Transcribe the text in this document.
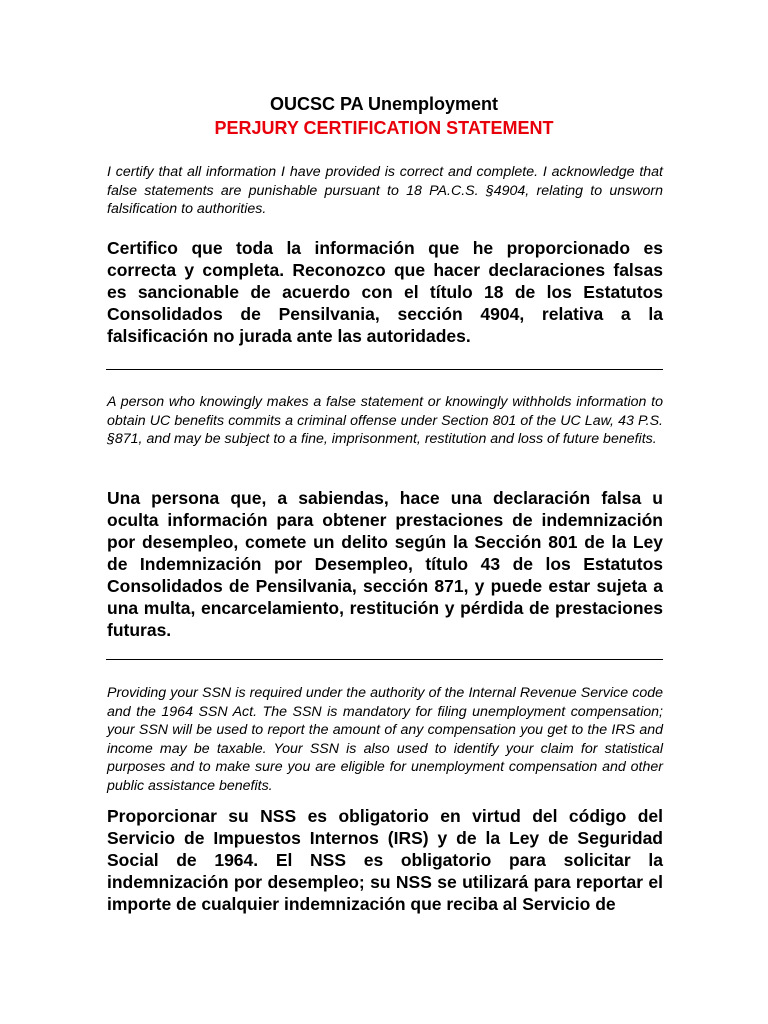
OUCSC PA Unemployment
PERJURY CERTIFICATION STATEMENT
I certify that all information I have provided is correct and complete. I acknowledge that false statements are punishable pursuant to 18 PA.C.S. §4904, relating to unsworn falsification to authorities.
Certifico que toda la información que he proporcionado es correcta y completa. Reconozco que hacer declaraciones falsas es sancionable de acuerdo con el título 18 de los Estatutos Consolidados de Pensilvania, sección 4904, relativa a la falsificación no jurada ante las autoridades.
A person who knowingly makes a false statement or knowingly withholds information to obtain UC benefits commits a criminal offense under Section 801 of the UC Law, 43 P.S. §871, and may be subject to a fine, imprisonment, restitution and loss of future benefits.
Una persona que, a sabiendas, hace una declaración falsa u oculta información para obtener prestaciones de indemnización por desempleo, comete un delito según la Sección 801 de la Ley de Indemnización por Desempleo, título 43 de los Estatutos Consolidados de Pensilvania, sección 871, y puede estar sujeta a una multa, encarcelamiento, restitución y pérdida de prestaciones futuras.
Providing your SSN is required under the authority of the Internal Revenue Service code and the 1964 SSN Act. The SSN is mandatory for filing unemployment compensation; your SSN will be used to report the amount of any compensation you get to the IRS and income may be taxable. Your SSN is also used to identify your claim for statistical purposes and to make sure you are eligible for unemployment compensation and other public assistance benefits.
Proporcionar su NSS es obligatorio en virtud del código del Servicio de Impuestos Internos (IRS) y de la Ley de Seguridad Social de 1964. El NSS es obligatorio para solicitar la indemnización por desempleo; su NSS se utilizará para reportar el importe de cualquier indemnización que reciba al Servicio de
